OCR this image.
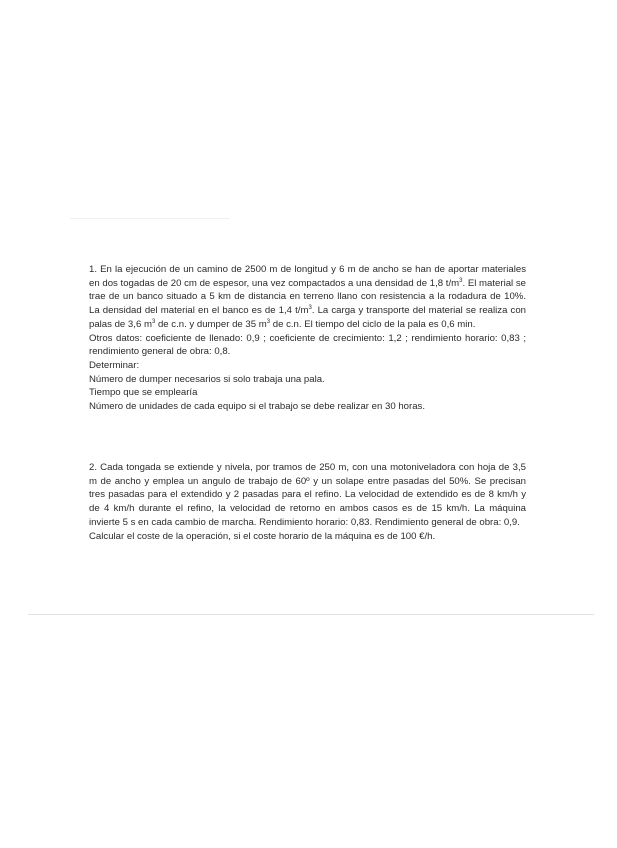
1. En la ejecución de un camino de 2500 m de longitud y 6 m de ancho se han de aportar materiales en dos togadas de 20 cm de espesor, una vez compactados a una densidad de 1,8 $t/m^3$. El material se trae de un banco situado a 5 km de distancia en terreno llano con resistencia a la rodadura de 10%. La densidad del material en el banco es de 1,4 $t/m^3$. La carga y transporte del material se realiza con palas de 3,6 $m^3$ de c.n. y dumper de 35 $m^3$ de c.n. El tiempo del ciclo de la pala es 0,6 min.

Otros datos: coeficiente de llenado: 0,9 ; coeficiente de crecimiento: 1,2 ; rendimiento horario: 0,83 ; rendimiento general de obra: 0,8.

Determinar:

Número de dumper necesarios si solo trabaja una pala.

Tiempo que se emplearía

Número de unidades de cada equipo si el trabajo se debe realizar en 30 horas.

2. Cada tongada se extiende y nivela, por tramos de 250 m, con una motoniveladora con hoja de 3,5 m de ancho y emplea un angulo de trabajo de 60º y un solape entre pasadas del 50%. Se precisan tres pasadas para el extendido y 2 pasadas para el refino. La velocidad de extendido es de 8 km/h y de 4 km/h durante el refino, la velocidad de retorno en ambos casos es de 15 km/h. La máquina invierte 5 s en cada cambio de marcha. Rendimiento horario: 0,83. Rendimiento general de obra: 0,9.

Calcular el coste de la operación, si el coste horario de la máquina es de 100 €/h.
